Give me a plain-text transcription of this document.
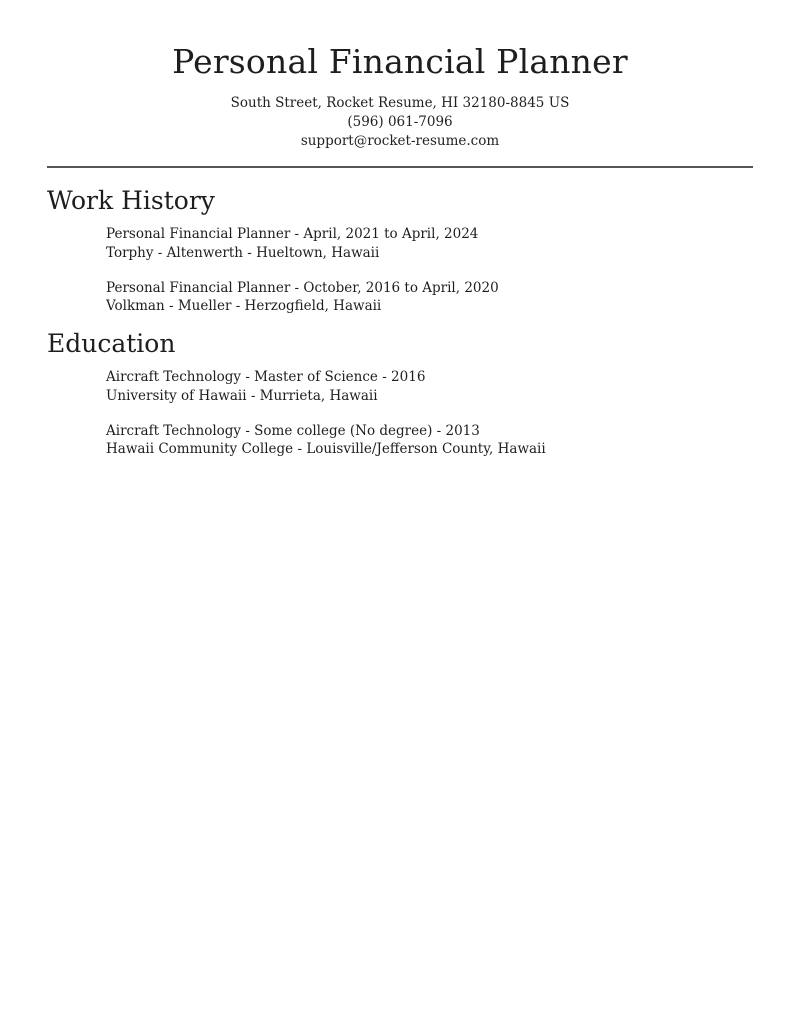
Personal Financial Planner
South Street, Rocket Resume, HI 32180-8845 US
(596) 061-7096
support@rocket-resume.com
Work History
Personal Financial Planner - April, 2021 to April, 2024
Torphy - Altenwerth - Hueltown, Hawaii
Personal Financial Planner - October, 2016 to April, 2020
Volkman - Mueller - Herzogfield, Hawaii
Education
Aircraft Technology - Master of Science - 2016
University of Hawaii - Murrieta, Hawaii
Aircraft Technology - Some college (No degree) - 2013
Hawaii Community College - Louisville/Jefferson County, Hawaii
